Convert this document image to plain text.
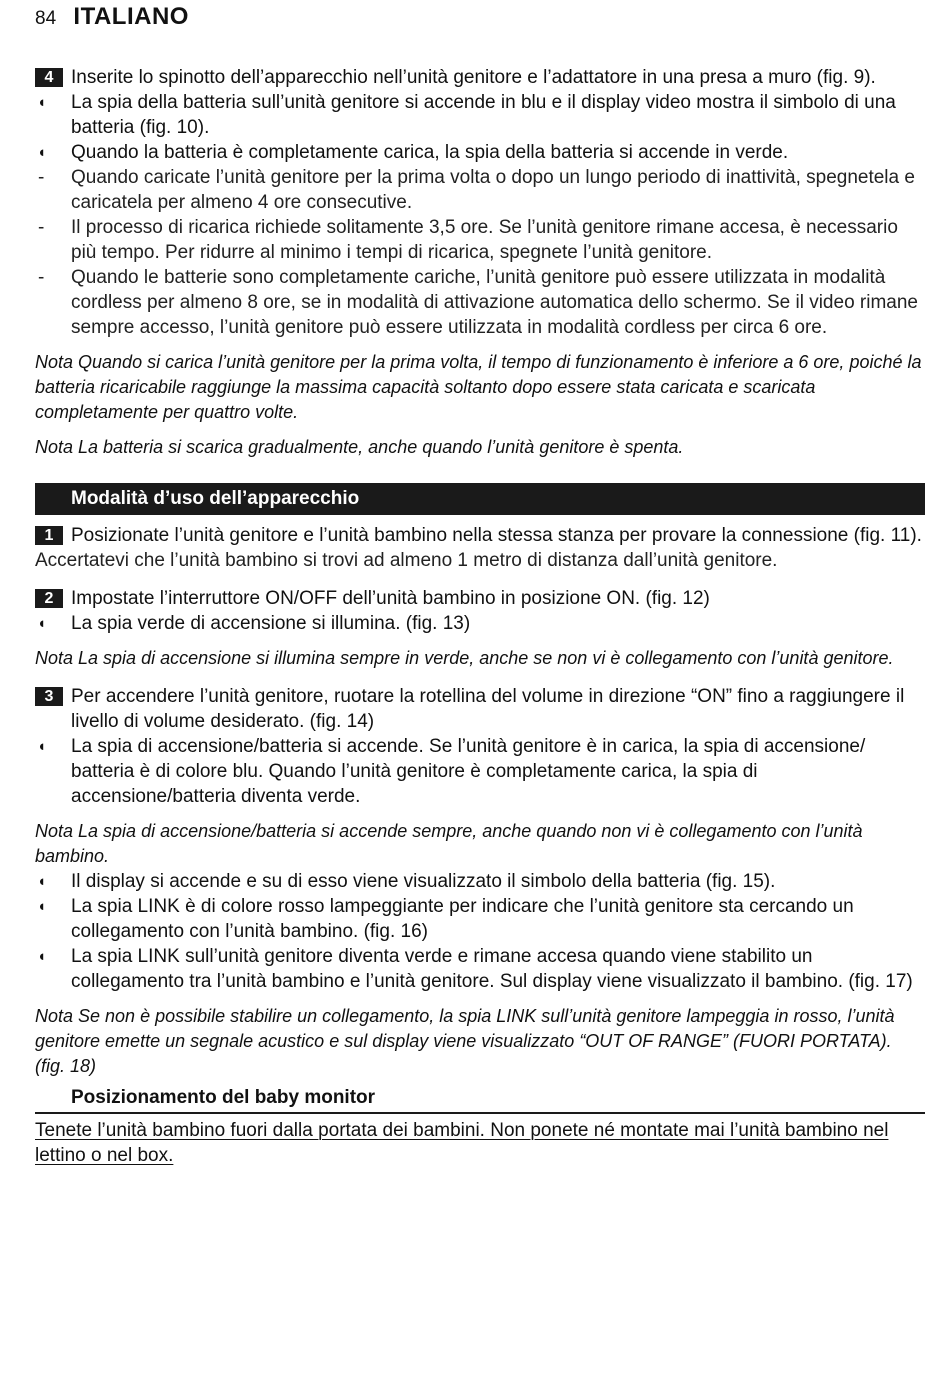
84 ITALIANO
4 Inserite lo spinotto dell’apparecchio nell’unità genitore e l’adattatore in una presa a muro (fig. 9).
◖ La spia della batteria sull’unità genitore si accende in blu e il display video mostra il simbolo di una batteria (fig. 10).
◖ Quando la batteria è completamente carica, la spia della batteria si accende in verde.
- Quando caricate l’unità genitore per la prima volta o dopo un lungo periodo di inattività, spegnetela e caricatela per almeno 4 ore consecutive.
- Il processo di ricarica richiede solitamente 3,5 ore. Se l’unità genitore rimane accesa, è necessario più tempo. Per ridurre al minimo i tempi di ricarica, spegnete l’unità genitore.
- Quando le batterie sono completamente cariche, l’unità genitore può essere utilizzata in modalità cordless per almeno 8 ore, se in modalità di attivazione automatica dello schermo. Se il video rimane sempre accesso, l’unità genitore può essere utilizzata in modalità cordless per circa 6 ore.
Nota Quando si carica l’unità genitore per la prima volta, il tempo di funzionamento è inferiore a 6 ore, poiché la batteria ricaricabile raggiunge la massima capacità soltanto dopo essere stata caricata e scaricata completamente per quattro volte.
Nota La batteria si scarica gradualmente, anche quando l’unità genitore è spenta.
Modalità d’uso dell’apparecchio
1 Posizionate l’unità genitore e l’unità bambino nella stessa stanza per provare la connessione (fig. 11).
Accertatevi che l’unità bambino si trovi ad almeno 1 metro di distanza dall’unità genitore.
2 Impostate l’interruttore ON/OFF dell’unità bambino in posizione ON. (fig. 12)
◖ La spia verde di accensione si illumina. (fig. 13)
Nota La spia di accensione si illumina sempre in verde, anche se non vi è collegamento con l’unità genitore.
3 Per accendere l’unità genitore, ruotare la rotellina del volume in direzione “ON” fino a raggiungere il livello di volume desiderato. (fig. 14)
◖ La spia di accensione/batteria si accende. Se l’unità genitore è in carica, la spia di accensione/ batteria è di colore blu. Quando l’unità genitore è completamente carica, la spia di accensione/batteria diventa verde.
Nota La spia di accensione/batteria si accende sempre, anche quando non vi è collegamento con l’unità bambino.
◖ Il display si accende e su di esso viene visualizzato il simbolo della batteria (fig. 15).
◖ La spia LINK è di colore rosso lampeggiante per indicare che l’unità genitore sta cercando un collegamento con l’unità bambino. (fig. 16)
◖ La spia LINK sull’unità genitore diventa verde e rimane accesa quando viene stabilito un collegamento tra l’unità bambino e l’unità genitore. Sul display viene visualizzato il bambino. (fig. 17)
Nota Se non è possibile stabilire un collegamento, la spia LINK sull’unità genitore lampeggia in rosso, l’unità genitore emette un segnale acustico e sul display viene visualizzato “OUT OF RANGE” (FUORI PORTATA). (fig. 18)
Posizionamento del baby monitor
Tenete l’unità bambino fuori dalla portata dei bambini. Non ponete né montate mai l’unità bambino nel lettino o nel box.
